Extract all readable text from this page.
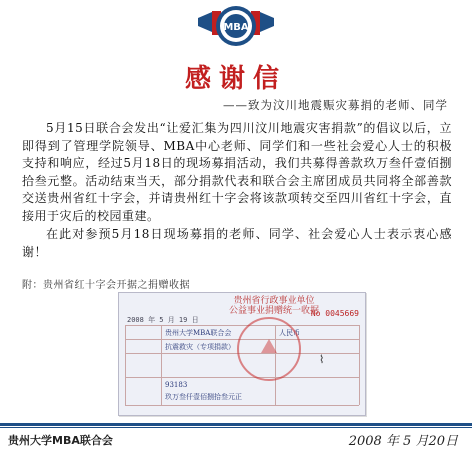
MBA
感谢信
——致为汶川地震赈灾募捐的老师、同学

5月15日联合会发出“让爱汇集为四川汶川地震灾害捐款”的倡议以后，立即得到了管理学院领导、MBA中心老师、同学们和一些社会爱心人士的积极支持和响应，经过5月18日的现场募捐活动，我们共募得善款玖万叁仟壹佰捌拾叁元整。活动结束当天，部分捐款代表和联合会主席团成员共同将全部善款交送贵州省红十字会，并请贵州红十字会将该款项转交至四川省红十字会，直接用于灾后的校园重建。

在此对参预5月18日现场募捐的老师、同学、社会爱心人士表示衷心感谢！

附：贵州省红十字会开据之捐赠收据
贵州省行政事业单位
公益事业捐赠统一收据
No 0045669
2008 年 5 月 19 日
贵州大学MBA联合会
抗震救灾（专项捐款）
人民币
93183
玖万叁仟壹佰捌拾叁元正
⌇
贵州大学MBA联合会	2008 年 5 月20日
